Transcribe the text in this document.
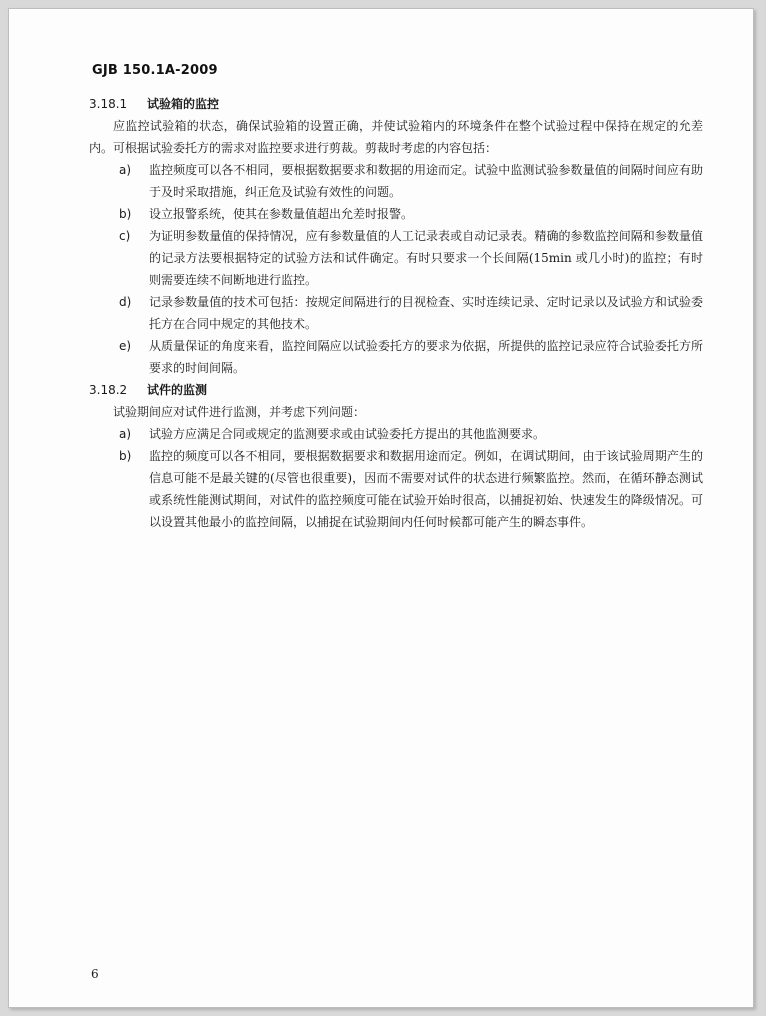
GJB 150.1A-2009
3.18.1	试验箱的监控

应监控试验箱的状态，确保试验箱的设置正确，并使试验箱内的环境条件在整个试验过程中保持在规定的允差内。可根据试验委托方的需求对监控要求进行剪裁。剪裁时考虑的内容包括：

a)	监控频度可以各不相同，要根据数据要求和数据的用途而定。试验中监测试验参数量值的间隔时间应有助于及时采取措施，纠正危及试验有效性的问题。

b)	设立报警系统，使其在参数量值超出允差时报警。

c)	为证明参数量值的保持情况，应有参数量值的人工记录表或自动记录表。精确的参数监控间隔和参数量值的记录方法要根据特定的试验方法和试件确定。有时只要求一个长间隔(15min 或几小时)的监控；有时则需要连续不间断地进行监控。

d)	记录参数量值的技术可包括：按规定间隔进行的目视检查、实时连续记录、定时记录以及试验方和试验委托方在合同中规定的其他技术。

e)	从质量保证的角度来看，监控间隔应以试验委托方的要求为依据，所提供的监控记录应符合试验委托方所要求的时间间隔。

3.18.2	试件的监测

试验期间应对试件进行监测，并考虑下列问题：

a)	试验方应满足合同或规定的监测要求或由试验委托方提出的其他监测要求。

b)	监控的频度可以各不相同，要根据数据要求和数据用途而定。例如，在调试期间，由于该试验周期产生的信息可能不是最关键的(尽管也很重要)，因而不需要对试件的状态进行频繁监控。然而，在循环静态测试或系统性能测试期间，对试件的监控频度可能在试验开始时很高，以捕捉初始、快速发生的降级情况。可以设置其他最小的监控间隔，以捕捉在试验期间内任何时候都可能产生的瞬态事件。

6
